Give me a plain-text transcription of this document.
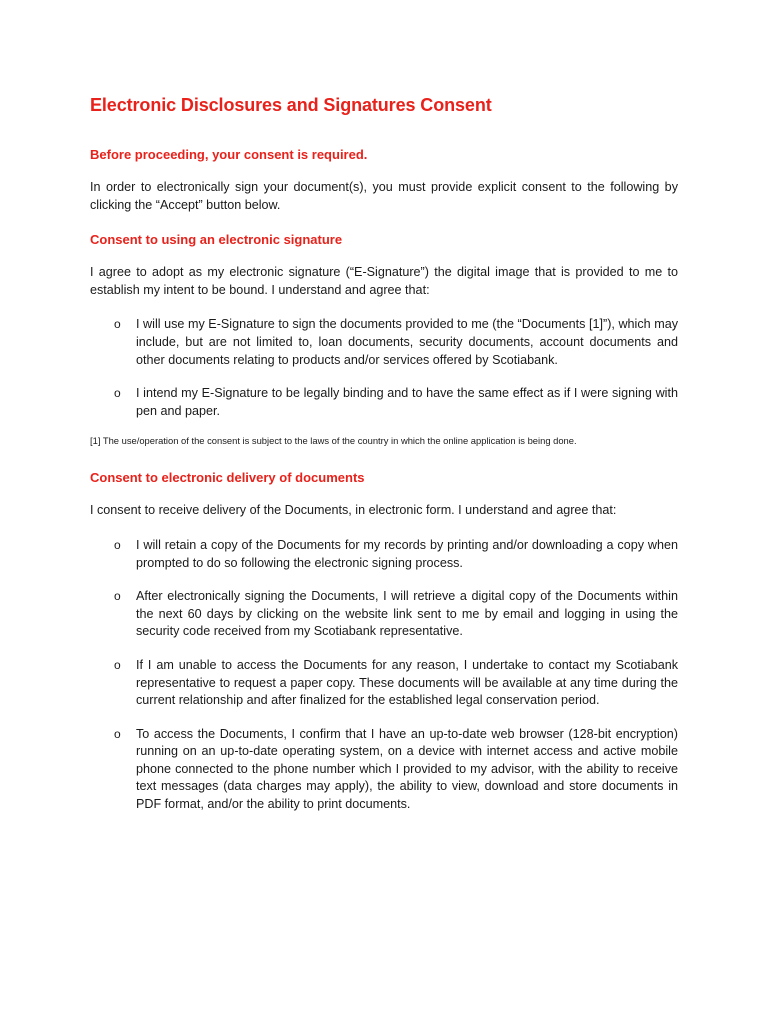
Electronic Disclosures and Signatures Consent
Before proceeding, your consent is required.

In order to electronically sign your document(s), you must provide explicit consent to the following by clicking the “Accept” button below.

Consent to using an electronic signature

I agree to adopt as my electronic signature (“E-Signature”) the digital image that is provided to me to establish my intent to be bound. I understand and agree that:

o I will use my E-Signature to sign the documents provided to me (the “Documents [1]”), which may include, but are not limited to, loan documents, security documents, account documents and other documents relating to products and/or services offered by Scotiabank.
o I intend my E-Signature to be legally binding and to have the same effect as if I were signing with pen and paper.

[1] The use/operation of the consent is subject to the laws of the country in which the online application is being done.

Consent to electronic delivery of documents

I consent to receive delivery of the Documents, in electronic form. I understand and agree that:

o I will retain a copy of the Documents for my records by printing and/or downloading a copy when prompted to do so following the electronic signing process.
o After electronically signing the Documents, I will retrieve a digital copy of the Documents within the next 60 days by clicking on the website link sent to me by email and logging in using the security code received from my Scotiabank representative.
o If I am unable to access the Documents for any reason, I undertake to contact my Scotiabank representative to request a paper copy. These documents will be available at any time during the current relationship and after finalized for the established legal conservation period.
o To access the Documents, I confirm that I have an up-to-date web browser (128-bit encryption) running on an up-to-date operating system, on a device with internet access and active mobile phone connected to the phone number which I provided to my advisor, with the ability to receive text messages (data charges may apply), the ability to view, download and store documents in PDF format, and/or the ability to print documents.
